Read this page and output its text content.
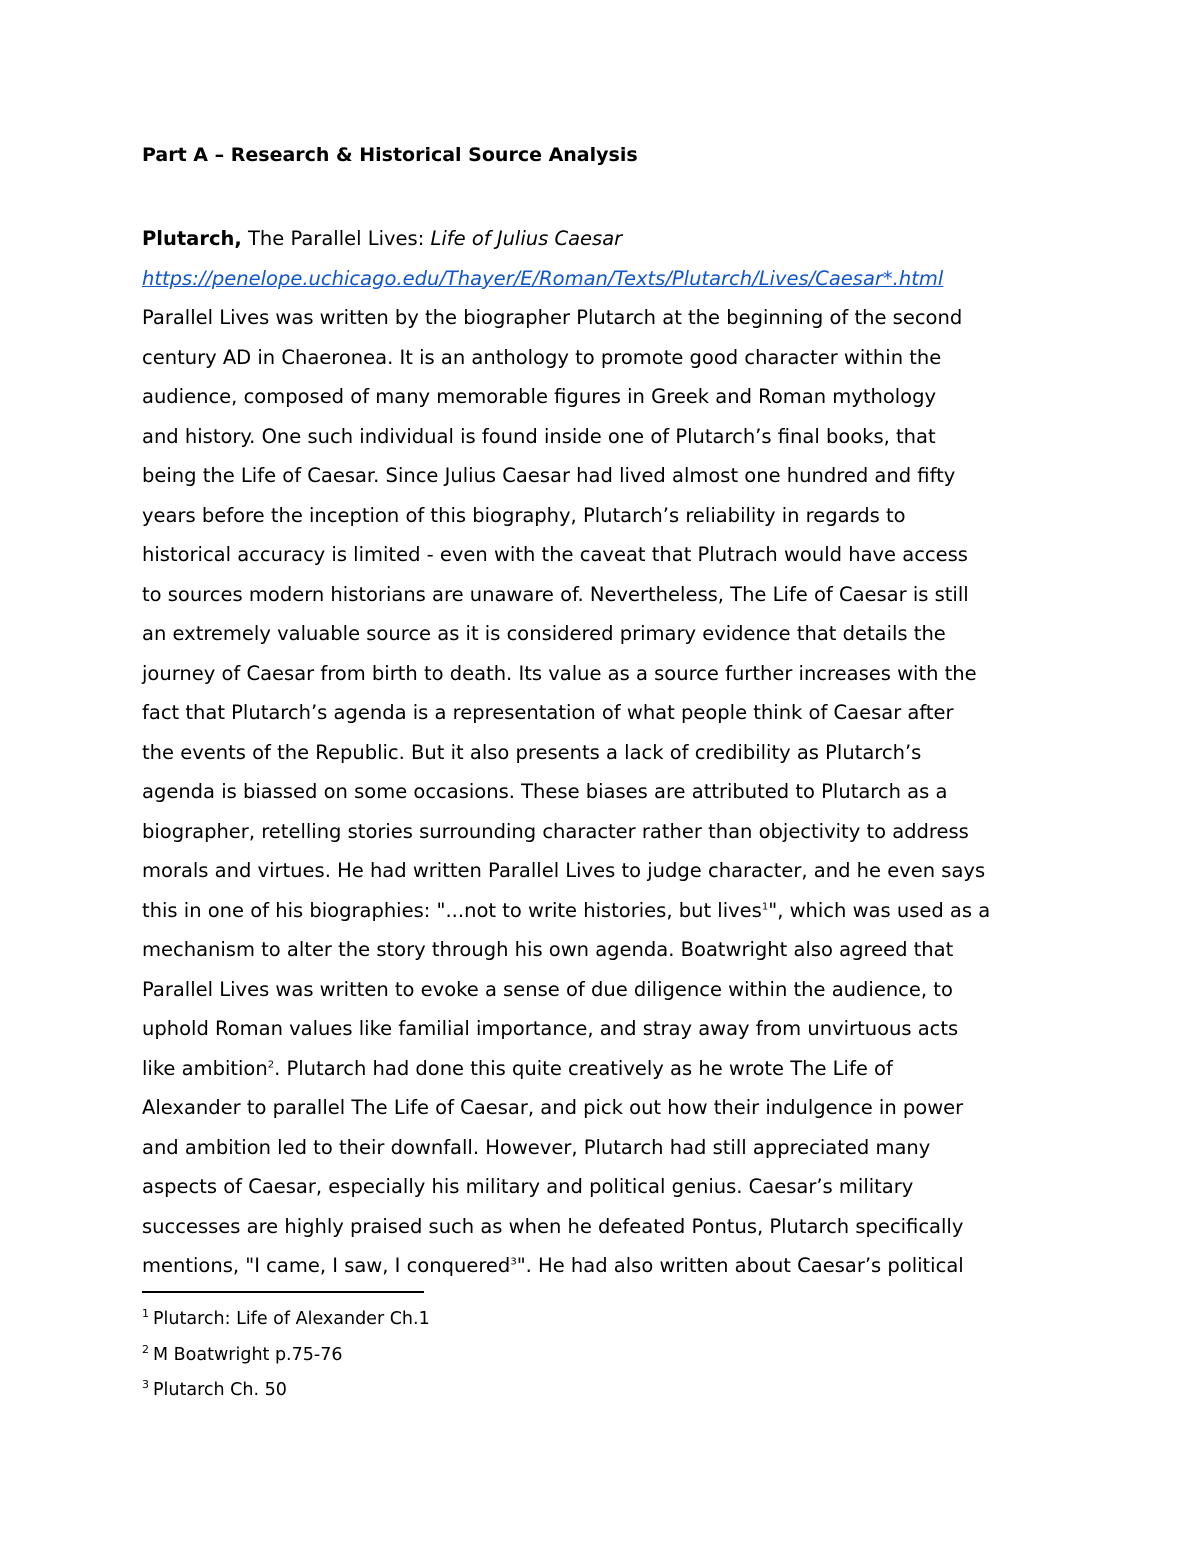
Part A – Research & Historical Source Analysis
Plutarch, The Parallel Lives: Life of Julius Caesar
https://penelope.uchicago.edu/Thayer/E/Roman/Texts/Plutarch/Lives/Caesar*.html
Parallel Lives was written by the biographer Plutarch at the beginning of the second
century AD in Chaeronea. It is an anthology to promote good character within the
audience, composed of many memorable figures in Greek and Roman mythology
and history. One such individual is found inside one of Plutarch’s final books, that
being the Life of Caesar. Since Julius Caesar had lived almost one hundred and fifty
years before the inception of this biography, Plutarch’s reliability in regards to
historical accuracy is limited - even with the caveat that Plutrach would have access
to sources modern historians are unaware of. Nevertheless, The Life of Caesar is still
an extremely valuable source as it is considered primary evidence that details the
journey of Caesar from birth to death. Its value as a source further increases with the
fact that Plutarch’s agenda is a representation of what people think of Caesar after
the events of the Republic. But it also presents a lack of credibility as Plutarch’s
agenda is biassed on some occasions. These biases are attributed to Plutarch as a
biographer, retelling stories surrounding character rather than objectivity to address
morals and virtues. He had written Parallel Lives to judge character, and he even says
this in one of his biographies: "...not to write histories, but lives$^1$", which was used as a
mechanism to alter the story through his own agenda. Boatwright also agreed that
Parallel Lives was written to evoke a sense of due diligence within the audience, to
uphold Roman values like familial importance, and stray away from unvirtuous acts
like ambition$^2$. Plutarch had done this quite creatively as he wrote The Life of
Alexander to parallel The Life of Caesar, and pick out how their indulgence in power
and ambition led to their downfall. However, Plutarch had still appreciated many
aspects of Caesar, especially his military and political genius. Caesar’s military
successes are highly praised such as when he defeated Pontus, Plutarch specifically
mentions, "I came, I saw, I conquered$^3$". He had also written about Caesar’s political
$^1$ Plutarch: Life of Alexander Ch.1
$^2$ M Boatwright p.75-76
$^3$ Plutarch Ch. 50
